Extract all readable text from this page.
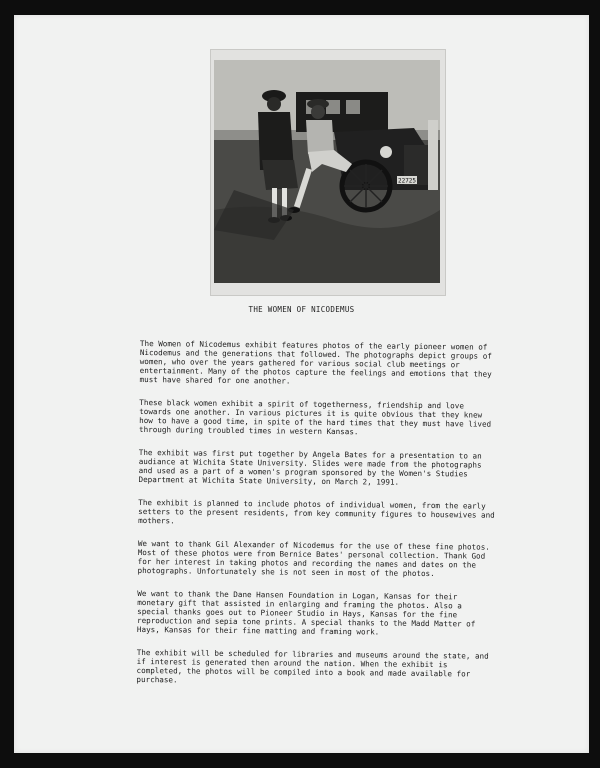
22725
THE WOMEN OF NICODEMUS

The Women of Nicodemus exhibit features photos of the early pioneer women of Nicodemus and the generations that followed. The photographs depict groups of women, who over the years gathered for various social club meetings or entertainment. Many of the photos capture the feelings and emotions that they must have shared for one another.

These black women exhibit a spirit of togetherness, friendship and love towards one another. In various pictures it is quite obvious that they knew how to have a good time, in spite of the hard times that they must have lived through during troubled times in western Kansas.

The exhibit was first put together by Angela Bates for a presentation to an audiance at Wichita State University. Slides were made from the photographs and used as a part of a women's program sponsored by the Women's Studies Department at Wichita State University, on March 2, 1991.

The exhibit is planned to include photos of individual women, from the early setters to the present residents, from key community figures to housewives and mothers.

We want to thank Gil Alexander of Nicodemus for the use of these fine photos. Most of these photos were from Bernice Bates' personal collection. Thank God for her interest in taking photos and recording the names and dates on the photographs. Unfortunately she is not seen in most of the photos.

We want to thank the Dane Hansen Foundation in Logan, Kansas for their monetary gift that assisted in enlarging and framing the photos. Also a special thanks goes out to Pioneer Studio in Hays, Kansas for the fine reproduction and sepia tone prints. A special thanks to the Madd Matter of Hays, Kansas for their fine matting and framing work.

The exhibit will be scheduled for libraries and museums around the state, and if interest is generated then around the nation. When the exhibit is completed, the photos will be compiled into a book and made available for purchase.
